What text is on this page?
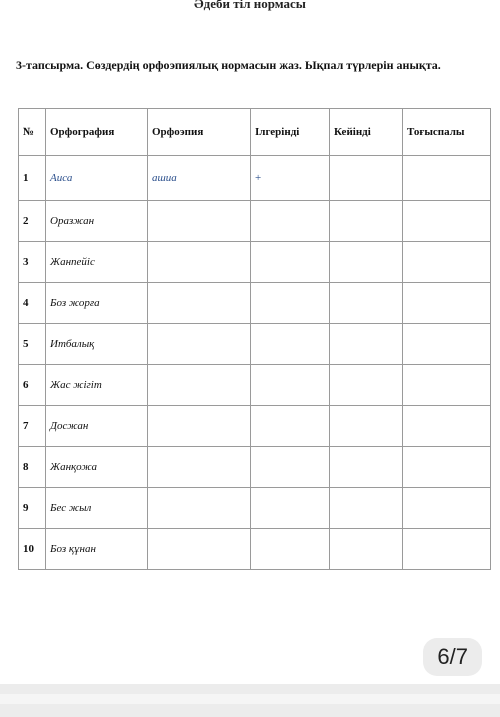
Әдеби тіл нормасы
3-тапсырма. Сөздердің орфоэпиялық нормасын жаз. Ықпал түрлерін анықта.
№	Орфография	Орфоэпия	Ілгерінді	Кейінді	Тоғыспалы
1	Аиса	ашиа	+		
2	Оразжан				
3	Жанпейіс				
4	Боз жорға				
5	Итбалық				
6	Жас жігіт				
7	Досжан				
8	Жанқожа				
9	Бес жыл				
10	Боз құнан				
6/7
